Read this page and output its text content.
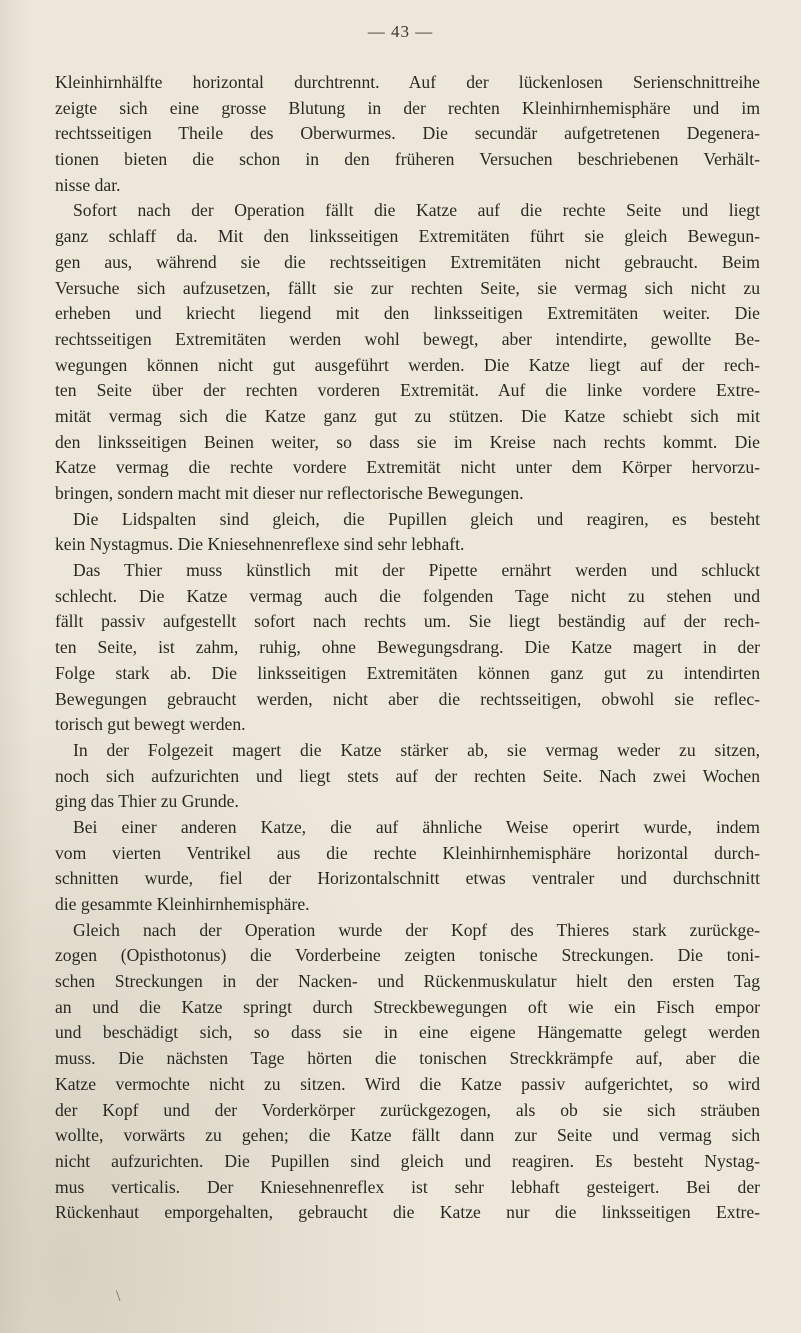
— 43 —
Kleinhirnhälfte horizontal durchtrennt. Auf der lückenlosen Serienschnittreihe
zeigte sich eine grosse Blutung in der rechten Kleinhirnhemisphäre und im
rechtsseitigen Theile des Oberwurmes. Die secundär aufgetretenen Degenera-
tionen bieten die schon in den früheren Versuchen beschriebenen Verhält-
nisse dar.
Sofort nach der Operation fällt die Katze auf die rechte Seite und liegt
ganz schlaff da. Mit den linksseitigen Extremitäten führt sie gleich Bewegun-
gen aus, während sie die rechtsseitigen Extremitäten nicht gebraucht. Beim
Versuche sich aufzusetzen, fällt sie zur rechten Seite, sie vermag sich nicht zu
erheben und kriecht liegend mit den linksseitigen Extremitäten weiter. Die
rechtsseitigen Extremitäten werden wohl bewegt, aber intendirte, gewollte Be-
wegungen können nicht gut ausgeführt werden. Die Katze liegt auf der rech-
ten Seite über der rechten vorderen Extremität. Auf die linke vordere Extre-
mität vermag sich die Katze ganz gut zu stützen. Die Katze schiebt sich mit
den linksseitigen Beinen weiter, so dass sie im Kreise nach rechts kommt. Die
Katze vermag die rechte vordere Extremität nicht unter dem Körper hervorzu-
bringen, sondern macht mit dieser nur reflectorische Bewegungen.
Die Lidspalten sind gleich, die Pupillen gleich und reagiren, es besteht
kein Nystagmus. Die Kniesehnenreflexe sind sehr lebhaft.
Das Thier muss künstlich mit der Pipette ernährt werden und schluckt
schlecht. Die Katze vermag auch die folgenden Tage nicht zu stehen und
fällt passiv aufgestellt sofort nach rechts um. Sie liegt beständig auf der rech-
ten Seite, ist zahm, ruhig, ohne Bewegungsdrang. Die Katze magert in der
Folge stark ab. Die linksseitigen Extremitäten können ganz gut zu intendirten
Bewegungen gebraucht werden, nicht aber die rechtsseitigen, obwohl sie reflec-
torisch gut bewegt werden.
In der Folgezeit magert die Katze stärker ab, sie vermag weder zu sitzen,
noch sich aufzurichten und liegt stets auf der rechten Seite. Nach zwei Wochen
ging das Thier zu Grunde.
Bei einer anderen Katze, die auf ähnliche Weise operirt wurde, indem
vom vierten Ventrikel aus die rechte Kleinhirnhemisphäre horizontal durch-
schnitten wurde, fiel der Horizontalschnitt etwas ventraler und durchschnitt
die gesammte Kleinhirnhemisphäre.
Gleich nach der Operation wurde der Kopf des Thieres stark zurückge-
zogen (Opisthotonus) die Vorderbeine zeigten tonische Streckungen. Die toni-
schen Streckungen in der Nacken- und Rückenmuskulatur hielt den ersten Tag
an und die Katze springt durch Streckbewegungen oft wie ein Fisch empor
und beschädigt sich, so dass sie in eine eigene Hängematte gelegt werden
muss. Die nächsten Tage hörten die tonischen Streckkrämpfe auf, aber die
Katze vermochte nicht zu sitzen. Wird die Katze passiv aufgerichtet, so wird
der Kopf und der Vorderkörper zurückgezogen, als ob sie sich sträuben
wollte, vorwärts zu gehen; die Katze fällt dann zur Seite und vermag sich
nicht aufzurichten. Die Pupillen sind gleich und reagiren. Es besteht Nystag-
mus verticalis. Der Kniesehnenreflex ist sehr lebhaft gesteigert. Bei der
Rückenhaut emporgehalten, gebraucht die Katze nur die linksseitigen Extre-
\
